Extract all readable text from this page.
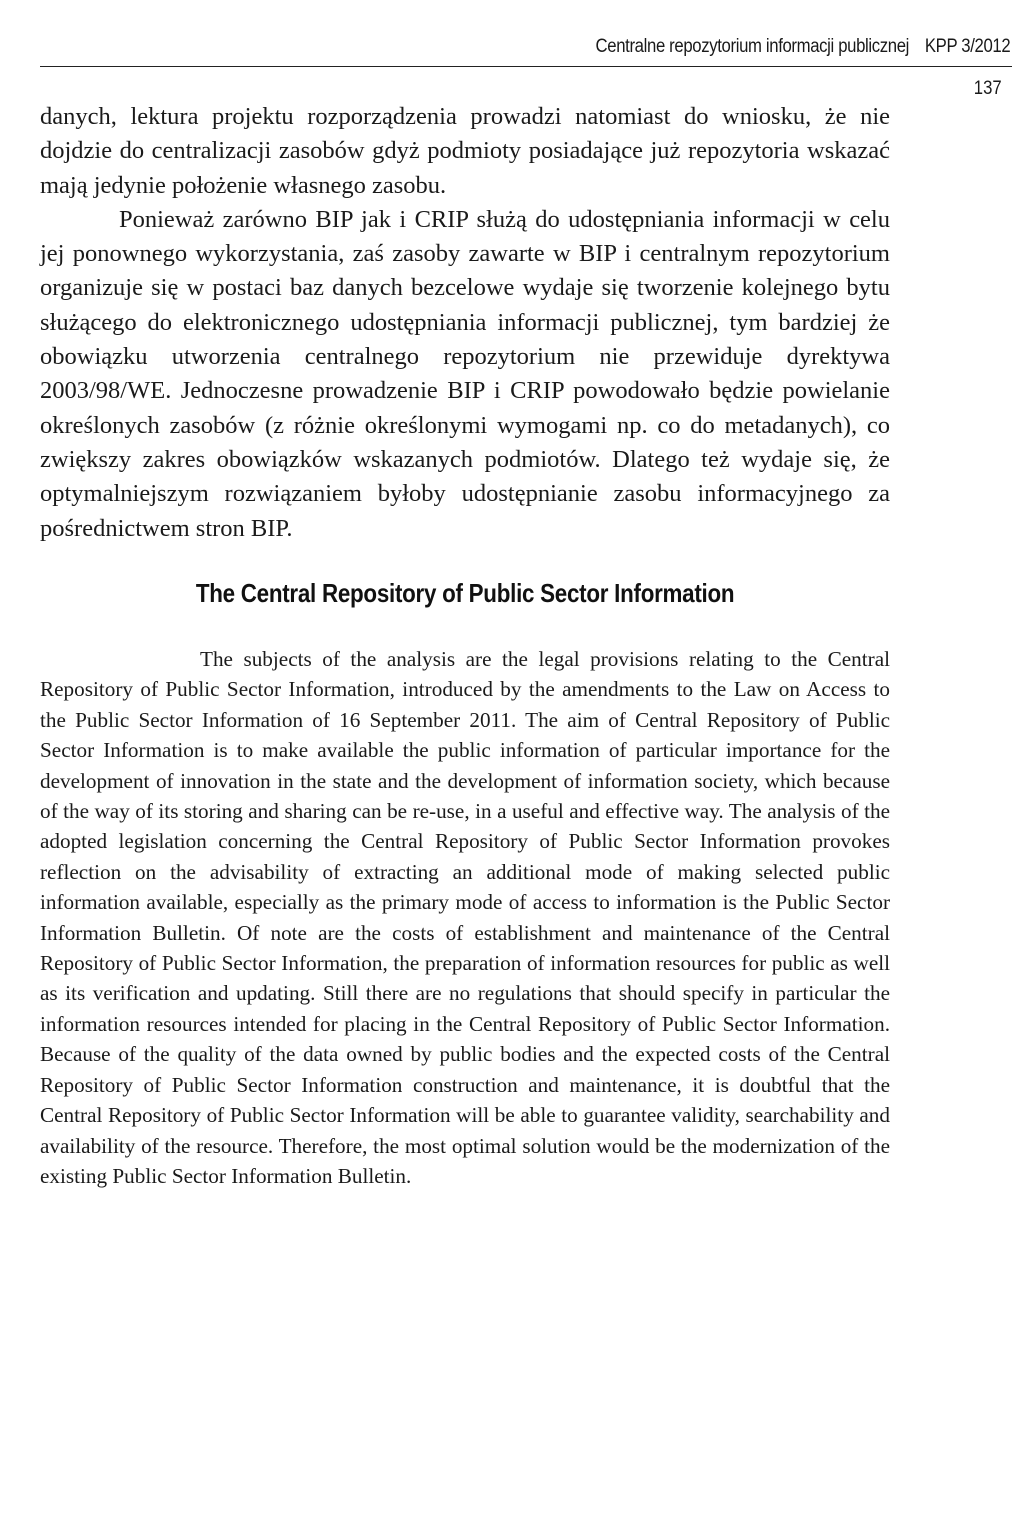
Centralne repozytorium informacji publicznej KPP 3/2012
137

danych, lektura projektu rozporządzenia prowadzi natomiast do wniosku, że nie dojdzie do centralizacji zasobów gdyż podmioty posiadające już repozytoria wskazać mają jedynie położenie własnego zasobu.

Ponieważ zarówno BIP jak i CRIP służą do udostępniania informacji w celu jej ponownego wykorzystania, zaś zasoby zawarte w BIP i centralnym repozytorium organizuje się w postaci baz danych bezcelowe wydaje się tworzenie kolejnego bytu służącego do elektronicznego udostępniania informacji publicznej, tym bardziej że obowiązku utworzenia centralnego repozytorium nie przewiduje dyrektywa 2003/98/WE. Jednoczesne prowadzenie BIP i CRIP powodowało będzie powielanie określonych zasobów (z różnie określonymi wymogami np. co do metadanych), co zwiększy zakres obowiązków wskazanych podmiotów. Dlatego też wydaje się, że optymalniejszym rozwiązaniem byłoby udostępnianie zasobu informacyjnego za pośrednictwem stron BIP.

The Central Repository of Public Sector Information

The subjects of the analysis are the legal provisions relating to the Central Repository of Public Sector Information, introduced by the amendments to the Law on Access to the Public Sector Information of 16 September 2011. The aim of Central Repository of Public Sector Information is to make available the public information of particular importance for the development of innovation in the state and the development of information society, which because of the way of its storing and sharing can be re-use, in a useful and effective way. The analysis of the adopted legislation concerning the Central Repository of Public Sector Information provokes reflection on the advisability of extracting an additional mode of making selected public information available, especially as the primary mode of access to information is the Public Sector Information Bulletin. Of note are the costs of establishment and maintenance of the Central Repository of Public Sector Information, the preparation of information resources for public as well as its verification and updating. Still there are no regulations that should specify in particular the information resources intended for placing in the Central Repository of Public Sector Information. Because of the quality of the data owned by public bodies and the expected costs of the Central Repository of Public Sector Information construction and maintenance, it is doubtful that the Central Repository of Public Sector Information will be able to guarantee validity, searchability and availability of the resource. Therefore, the most optimal solution would be the modernization of the existing Public Sector Information Bulletin.
